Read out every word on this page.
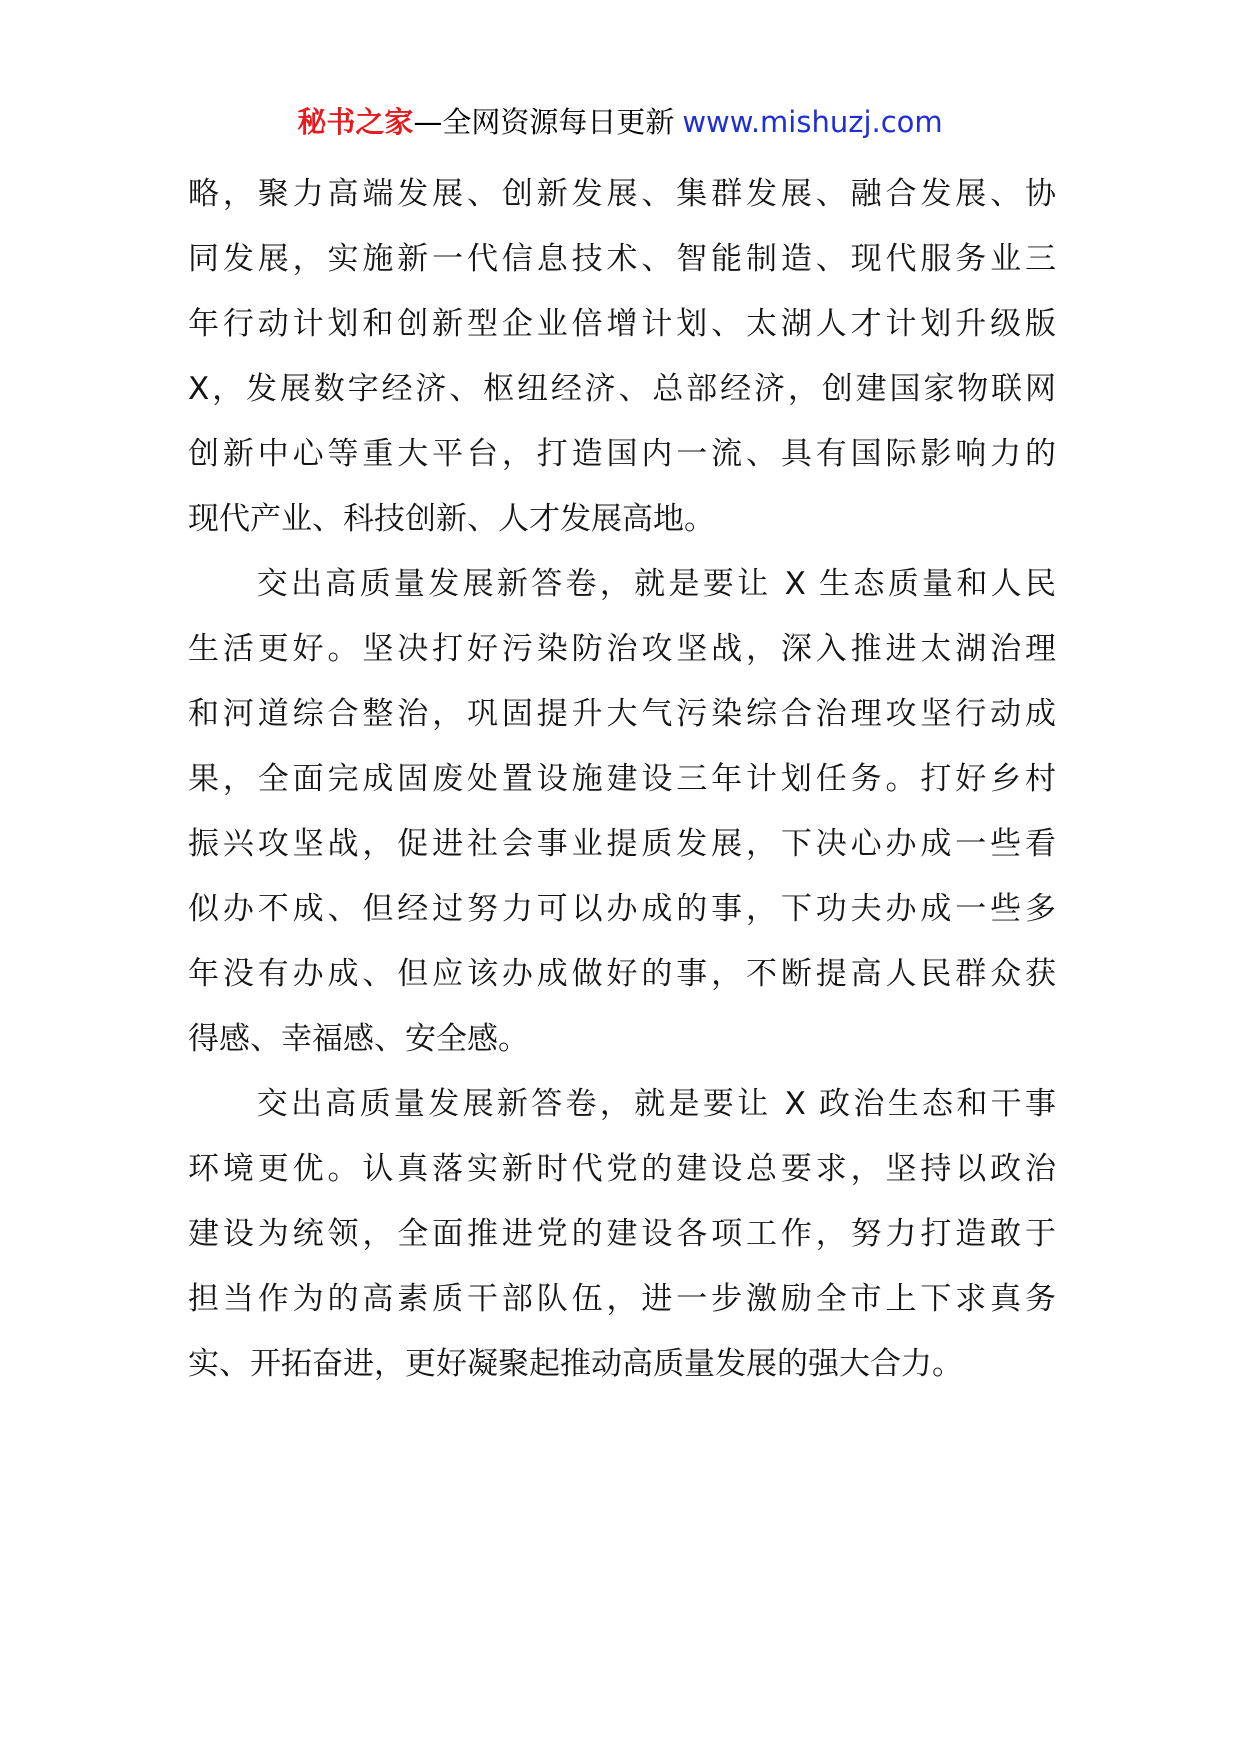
秘书之家—全网资源每日更新 www.mishuzj.com

略，聚力高端发展、创新发展、集群发展、融合发展、协
同发展，实施新一代信息技术、智能制造、现代服务业三
年行动计划和创新型企业倍增计划、太湖人才计划升级版
X，发展数字经济、枢纽经济、总部经济，创建国家物联网
创新中心等重大平台，打造国内一流、具有国际影响力的
现代产业、科技创新、人才发展高地。

　　交出高质量发展新答卷，就是要让 X 生态质量和人民
生活更好。坚决打好污染防治攻坚战，深入推进太湖治理
和河道综合整治，巩固提升大气污染综合治理攻坚行动成
果，全面完成固废处置设施建设三年计划任务。打好乡村
振兴攻坚战，促进社会事业提质发展，下决心办成一些看
似办不成、但经过努力可以办成的事，下功夫办成一些多
年没有办成、但应该办成做好的事，不断提高人民群众获
得感、幸福感、安全感。

　　交出高质量发展新答卷，就是要让 X 政治生态和干事
环境更优。认真落实新时代党的建设总要求，坚持以政治
建设为统领，全面推进党的建设各项工作，努力打造敢于
担当作为的高素质干部队伍，进一步激励全市上下求真务
实、开拓奋进，更好凝聚起推动高质量发展的强大合力。
